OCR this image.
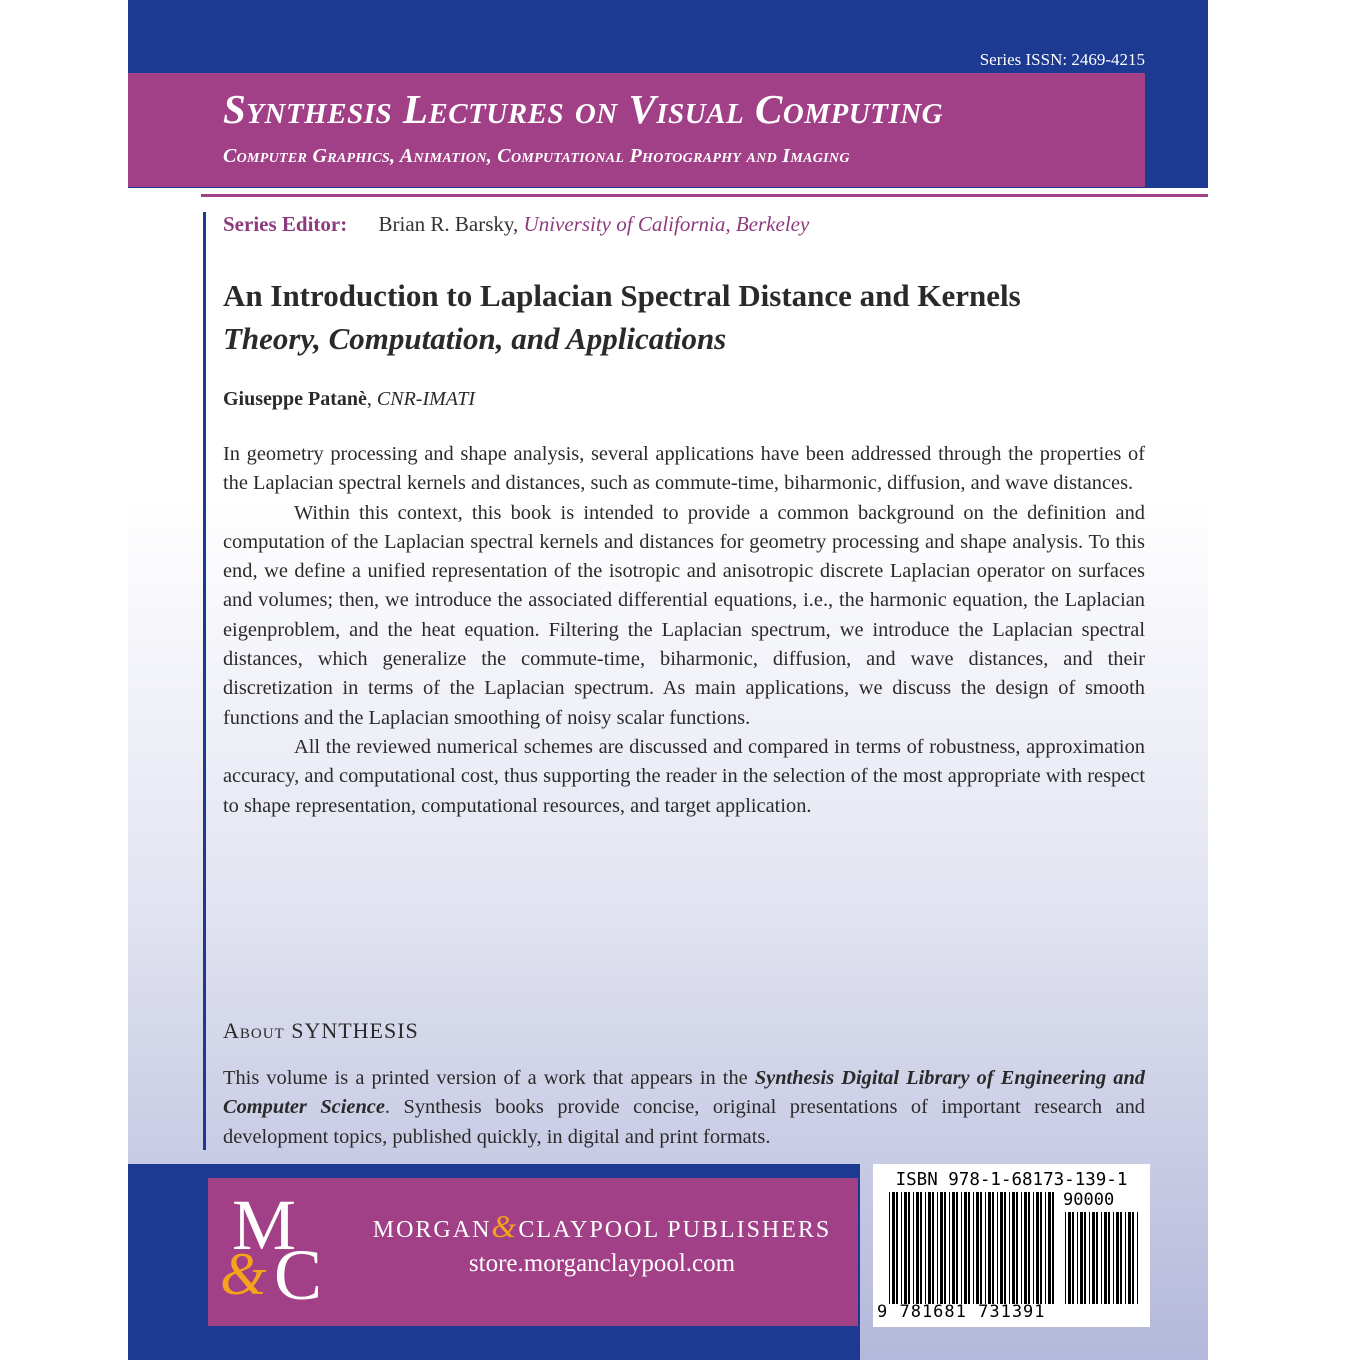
Series ISSN: 2469-4215
Synthesis Lectures on Visual Computing
Computer Graphics, Animation, Computational Photography and Imaging
Series Editor: Brian R. Barsky, University of California, Berkeley
An Introduction to Laplacian Spectral Distance and Kernels
Theory, Computation, and Applications
Giuseppe Patanè, CNR-IMATI

In geometry processing and shape analysis, several applications have been addressed through the properties of the Laplacian spectral kernels and distances, such as commute-time, biharmonic, diffusion, and wave distances.

Within this context, this book is intended to provide a common background on the definition and computation of the Laplacian spectral kernels and distances for geometry processing and shape analysis. To this end, we define a unified representation of the isotropic and anisotropic discrete Laplacian operator on surfaces and volumes; then, we introduce the associated differential equations, i.e., the harmonic equation, the Laplacian eigenproblem, and the heat equation. Filtering the Laplacian spectrum, we introduce the Laplacian spectral distances, which generalize the commute-time, biharmonic, diffusion, and wave distances, and their discretization in terms of the Laplacian spectrum. As main applications, we discuss the design of smooth functions and the Laplacian smoothing of noisy scalar functions.

All the reviewed numerical schemes are discussed and compared in terms of robustness, approximation accuracy, and computational cost, thus supporting the reader in the selection of the most appropriate with respect to shape representation, computational resources, and target application.

About SYNTHESIS

This volume is a printed version of a work that appears in the Synthesis Digital Library of Engineering and Computer Science. Synthesis books provide concise, original presentations of important research and development topics, published quickly, in digital and print formats.

M
& C

MORGAN&CLAYPOOL PUBLISHERS

store.morganclaypool.com
ISBN 978-1-68173-139-1
90000
9 781681 731391
